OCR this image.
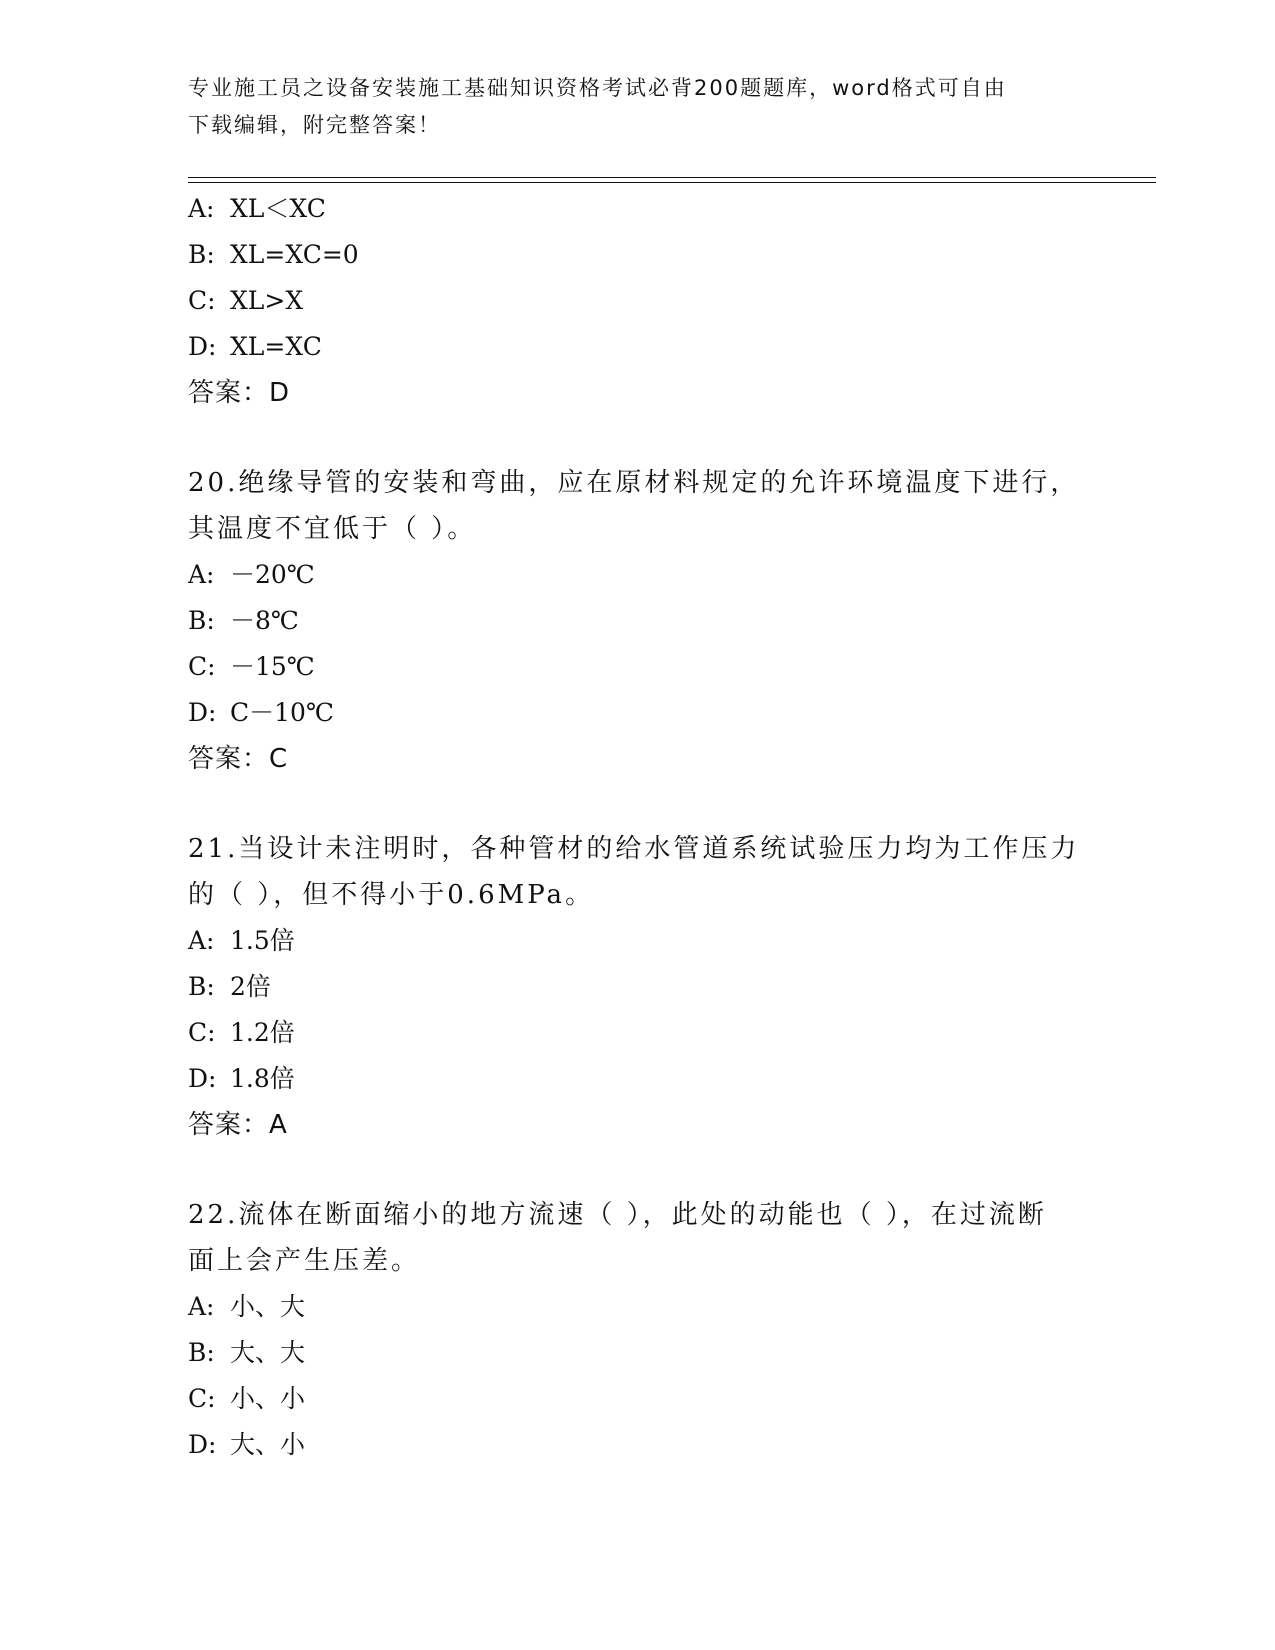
专业施工员之设备安装施工基础知识资格考试必背200题题库，word格式可自由
下载编辑，附完整答案！
A: XL＜XC
B: XL=XC=0
C: XL>X
D: XL=XC
答案：D
20.绝缘导管的安装和弯曲，应在原材料规定的允许环境温度下进行，
其温度不宜低于（ ）。
A: －20℃
B: －8℃
C: －15℃
D: C－10℃
答案：C
21.当设计未注明时，各种管材的给水管道系统试验压力均为工作压力
的（ ），但不得小于0.6MPa。
A: 1.5倍
B: 2倍
C: 1.2倍
D: 1.8倍
答案：A
22.流体在断面缩小的地方流速（ ），此处的动能也（ ），在过流断
面上会产生压差。
A: 小、大
B: 大、大
C: 小、小
D: 大、小
